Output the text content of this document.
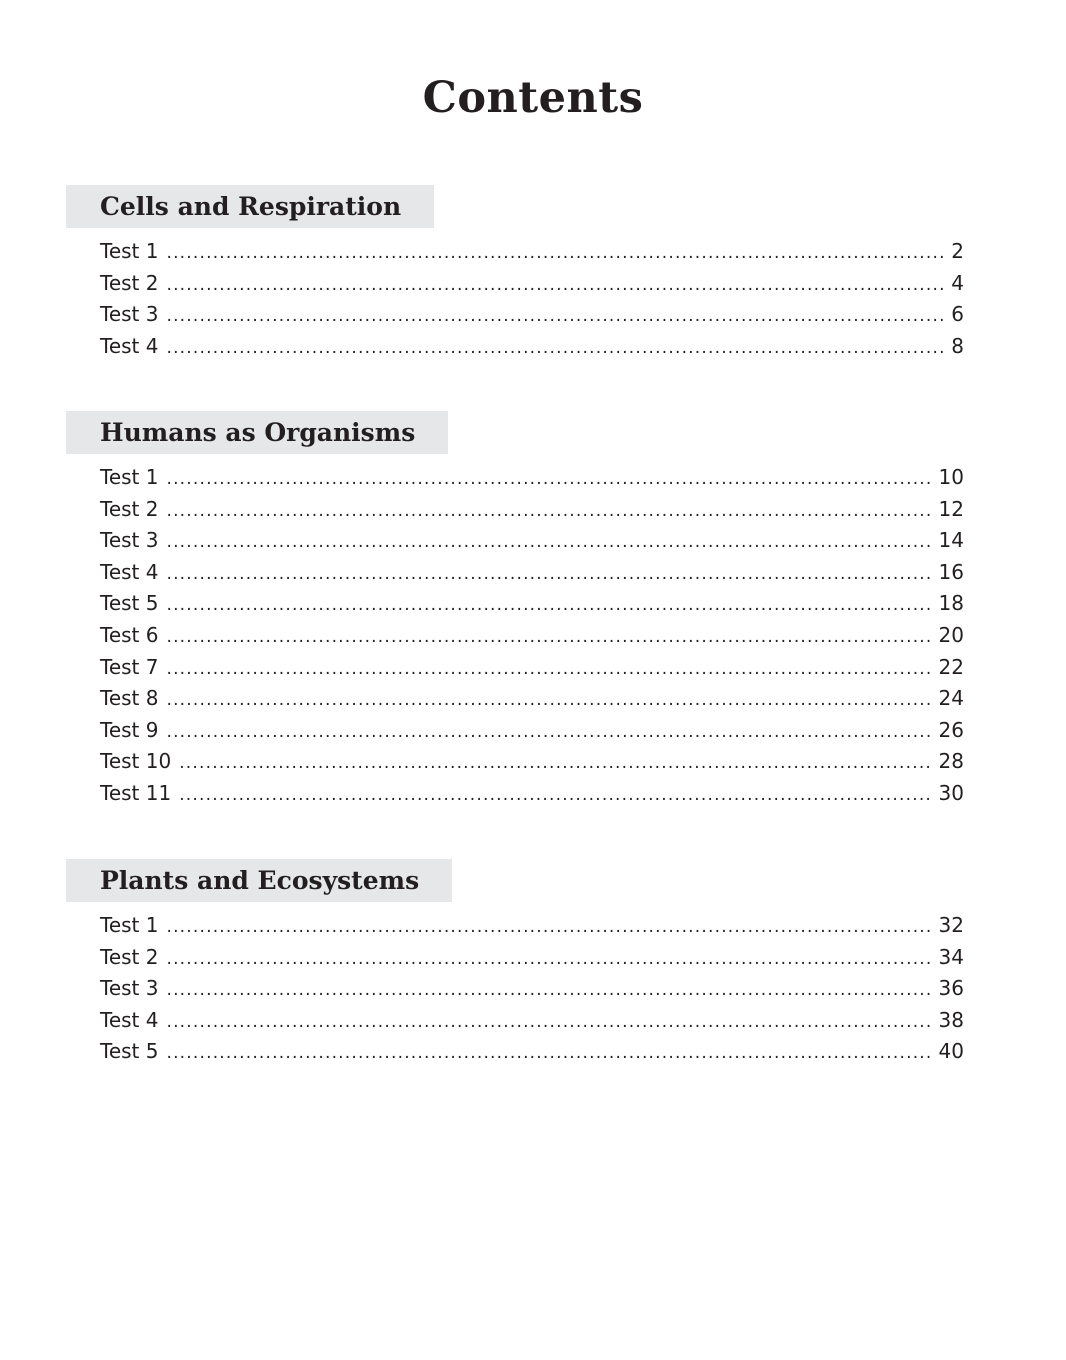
Contents
Cells and Respiration
Test 1 .....	2
Test 2 .....	4
Test 3 .....	6
Test 4 .....	8
Humans as Organisms
Test 1 .....	10
Test 2 .....	12
Test 3 .....	14
Test 4 .....	16
Test 5 .....	18
Test 6 .....	20
Test 7 .....	22
Test 8 .....	24
Test 9 .....	26
Test 10 .....	28
Test 11 .....	30
Plants and Ecosystems
Test 1 .....	32
Test 2 .....	34
Test 3 .....	36
Test 4 .....	38
Test 5 .....	40
